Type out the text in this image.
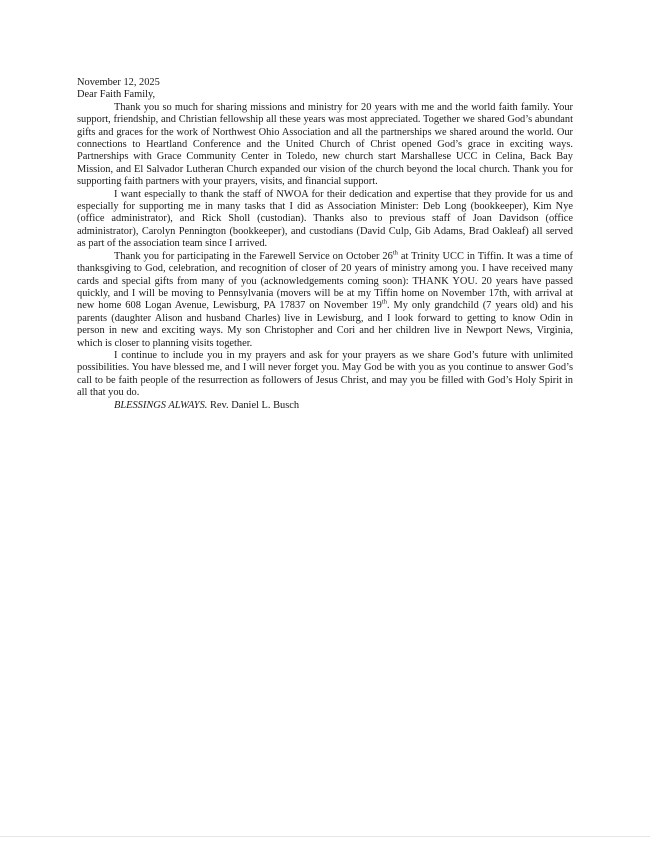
November 12, 2025
Dear Faith Family,

Thank you so much for sharing missions and ministry for 20 years with me and the world faith family. Your support, friendship, and Christian fellowship all these years was most appreciated. Together we shared God’s abundant gifts and graces for the work of Northwest Ohio Association and all the partnerships we shared around the world. Our connections to Heartland Conference and the United Church of Christ opened God’s grace in exciting ways. Partnerships with Grace Community Center in Toledo, new church start Marshallese UCC in Celina, Back Bay Mission, and El Salvador Lutheran Church expanded our vision of the church beyond the local church. Thank you for supporting faith partners with your prayers, visits, and financial support.

I want especially to thank the staff of NWOA for their dedication and expertise that they provide for us and especially for supporting me in many tasks that I did as Association Minister: Deb Long (bookkeeper), Kim Nye (office administrator), and Rick Sholl (custodian). Thanks also to previous staff of Joan Davidson (office administrator), Carolyn Pennington (bookkeeper), and custodians (David Culp, Gib Adams, Brad Oakleaf) all served as part of the association team since I arrived.

Thank you for participating in the Farewell Service on October 26th at Trinity UCC in Tiffin. It was a time of thanksgiving to God, celebration, and recognition of closer of 20 years of ministry among you. I have received many cards and special gifts from many of you (acknowledgements coming soon): THANK YOU. 20 years have passed quickly, and I will be moving to Pennsylvania (movers will be at my Tiffin home on November 17th, with arrival at new home 608 Logan Avenue, Lewisburg, PA 17837 on November 19th. My only grandchild (7 years old) and his parents (daughter Alison and husband Charles) live in Lewisburg, and I look forward to getting to know Odin in person in new and exciting ways. My son Christopher and Cori and her children live in Newport News, Virginia, which is closer to planning visits together.

I continue to include you in my prayers and ask for your prayers as we share God’s future with unlimited possibilities. You have blessed me, and I will never forget you. May God be with you as you continue to answer God’s call to be faith people of the resurrection as followers of Jesus Christ, and may you be filled with God’s Holy Spirit in all that you do.

BLESSINGS ALWAYS. Rev. Daniel L. Busch
